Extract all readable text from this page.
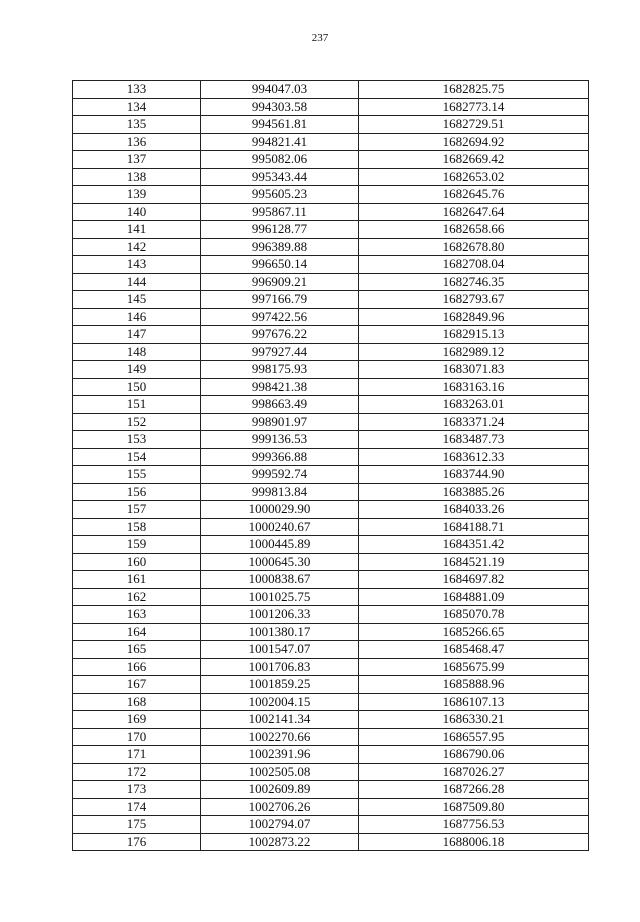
237
133	994047.03	1682825.75
134	994303.58	1682773.14
135	994561.81	1682729.51
136	994821.41	1682694.92
137	995082.06	1682669.42
138	995343.44	1682653.02
139	995605.23	1682645.76
140	995867.11	1682647.64
141	996128.77	1682658.66
142	996389.88	1682678.80
143	996650.14	1682708.04
144	996909.21	1682746.35
145	997166.79	1682793.67
146	997422.56	1682849.96
147	997676.22	1682915.13
148	997927.44	1682989.12
149	998175.93	1683071.83
150	998421.38	1683163.16
151	998663.49	1683263.01
152	998901.97	1683371.24
153	999136.53	1683487.73
154	999366.88	1683612.33
155	999592.74	1683744.90
156	999813.84	1683885.26
157	1000029.90	1684033.26
158	1000240.67	1684188.71
159	1000445.89	1684351.42
160	1000645.30	1684521.19
161	1000838.67	1684697.82
162	1001025.75	1684881.09
163	1001206.33	1685070.78
164	1001380.17	1685266.65
165	1001547.07	1685468.47
166	1001706.83	1685675.99
167	1001859.25	1685888.96
168	1002004.15	1686107.13
169	1002141.34	1686330.21
170	1002270.66	1686557.95
171	1002391.96	1686790.06
172	1002505.08	1687026.27
173	1002609.89	1687266.28
174	1002706.26	1687509.80
175	1002794.07	1687756.53
176	1002873.22	1688006.18
